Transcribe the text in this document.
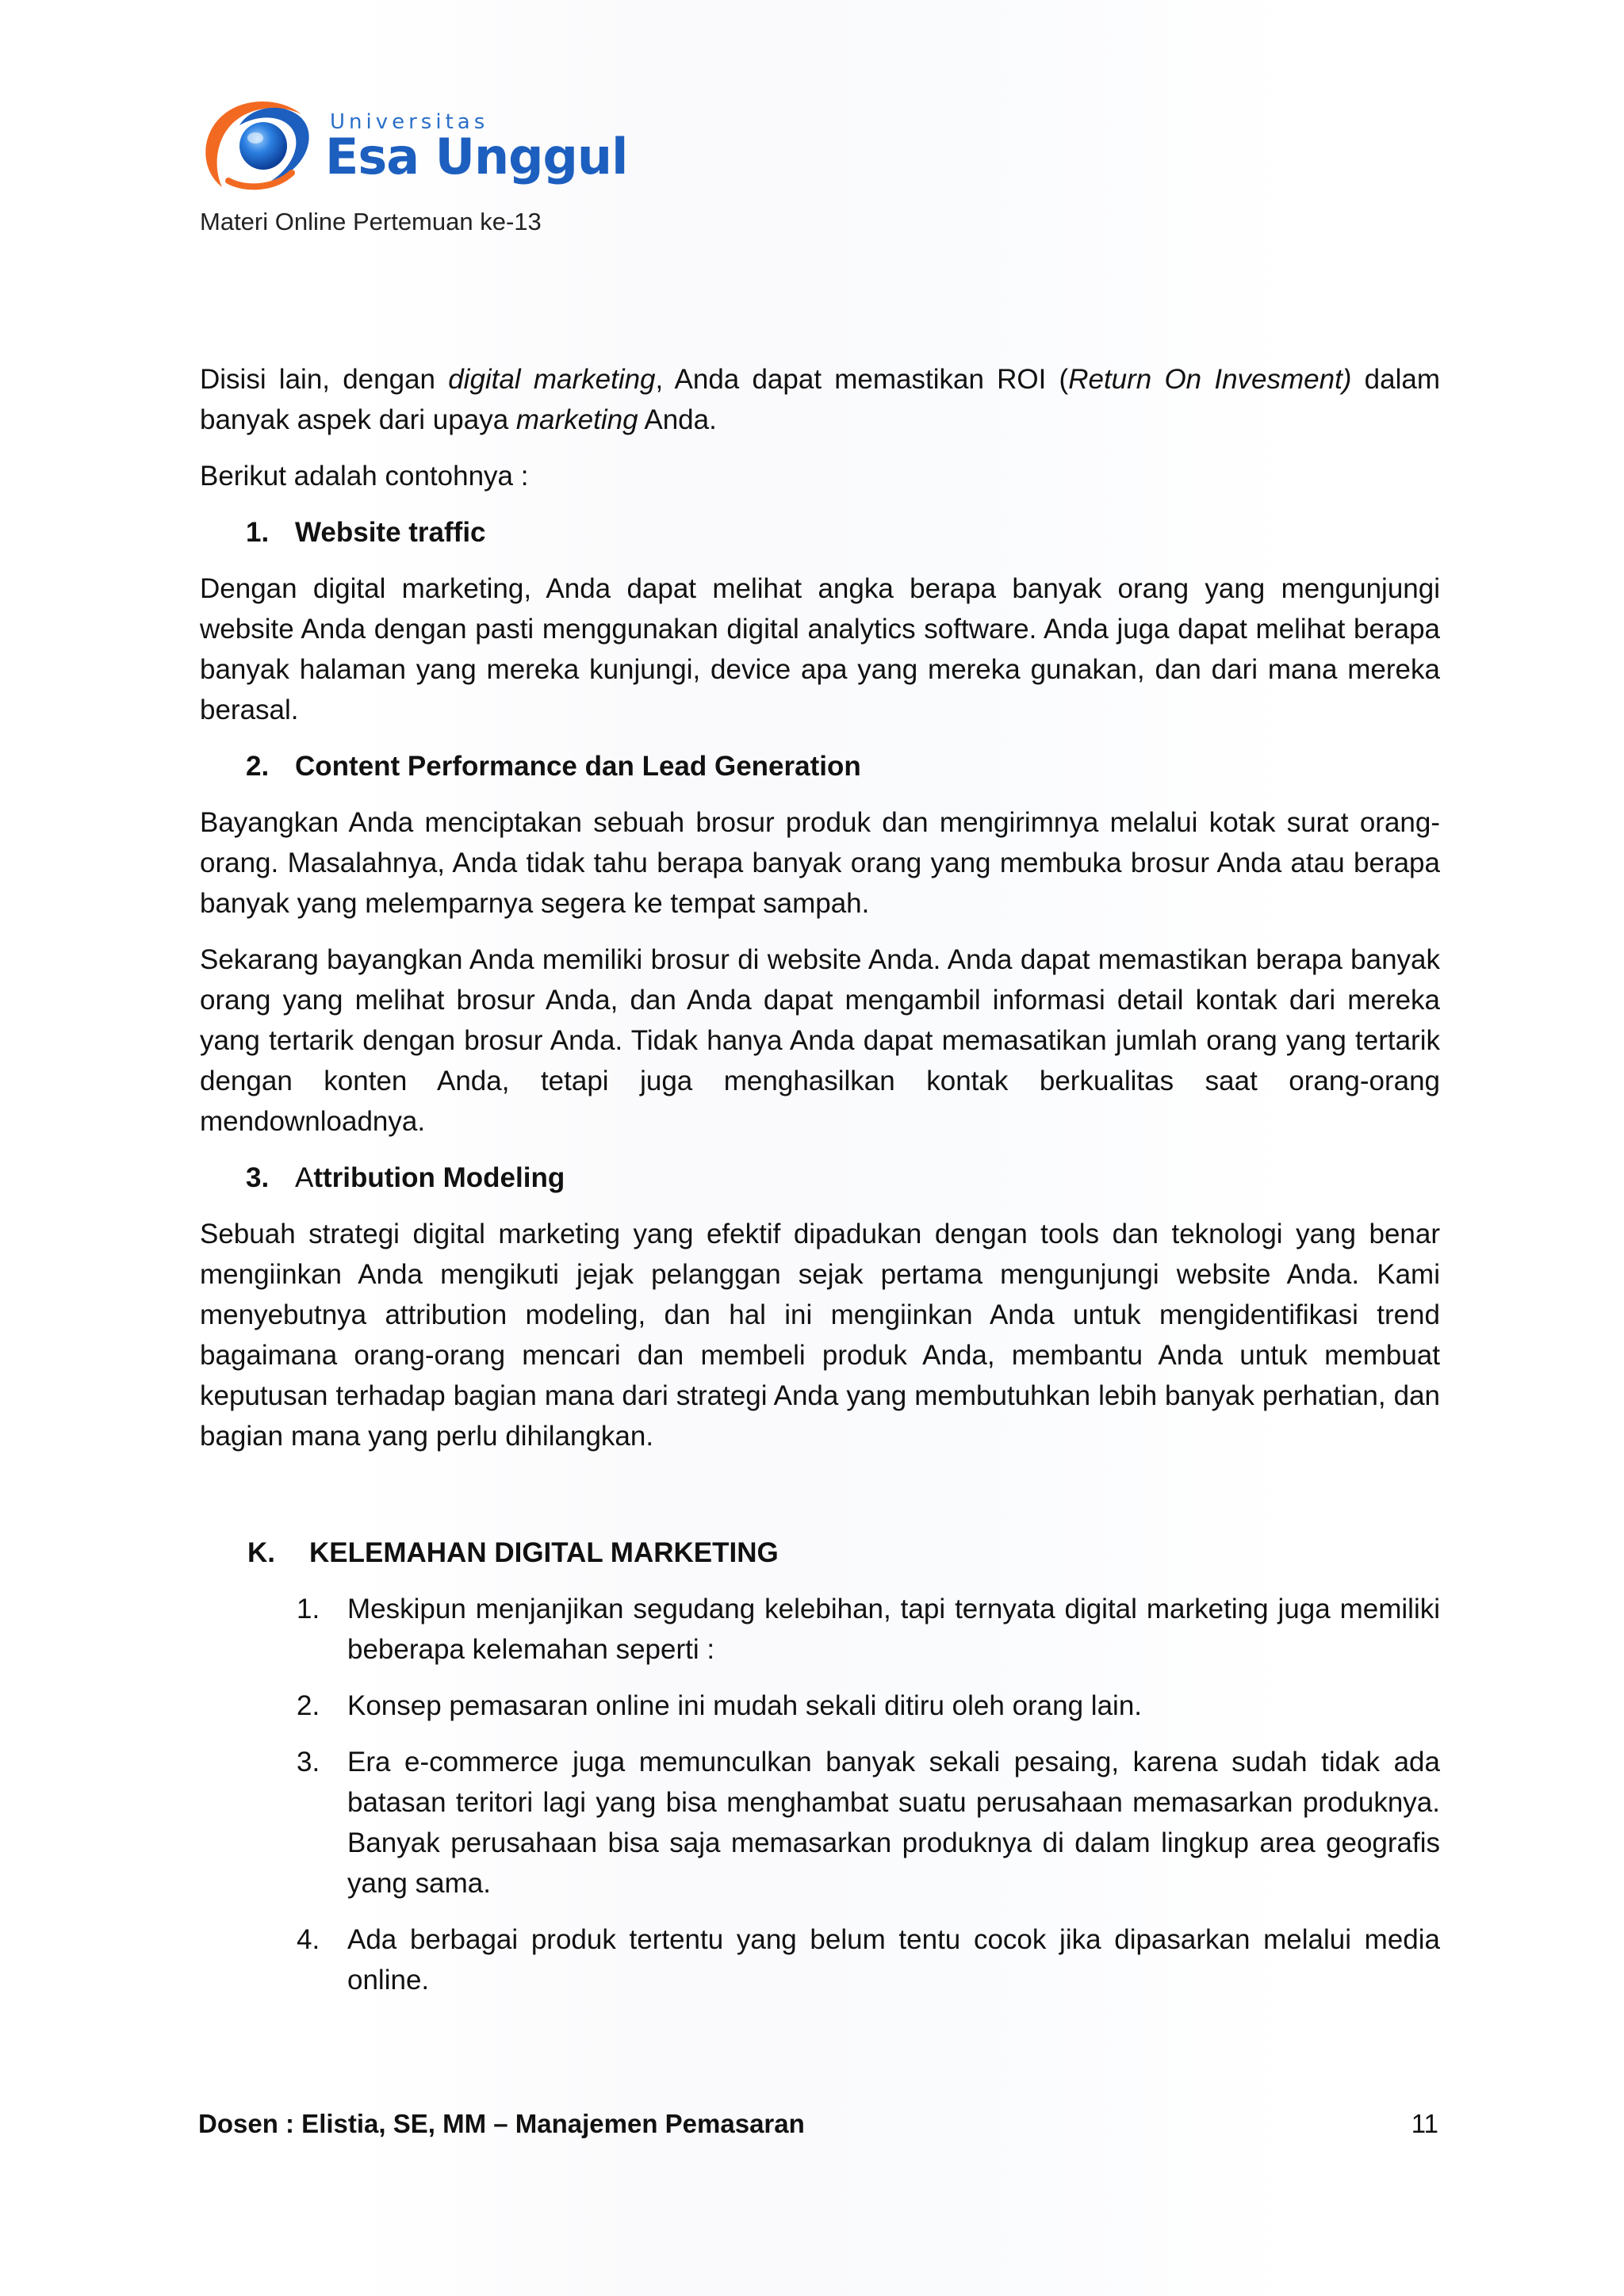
Universitas
Esa Unggul
Materi Online Pertemuan ke-13

Disisi lain, dengan digital marketing, Anda dapat memastikan ROI (Return On Invesment) dalam banyak aspek dari upaya marketing Anda.

Berikut adalah contohnya :

1. Website traffic

Dengan digital marketing, Anda dapat melihat angka berapa banyak orang yang mengunjungi website Anda dengan pasti menggunakan digital analytics software. Anda juga dapat melihat berapa banyak halaman yang mereka kunjungi, device apa yang mereka gunakan, dan dari mana mereka berasal.

2. Content Performance dan Lead Generation

Bayangkan Anda menciptakan sebuah brosur produk dan mengirimnya melalui kotak surat orang-orang. Masalahnya, Anda tidak tahu berapa banyak orang yang membuka brosur Anda atau berapa banyak yang melemparnya segera ke tempat sampah.

Sekarang bayangkan Anda memiliki brosur di website Anda. Anda dapat memastikan berapa banyak orang yang melihat brosur Anda, dan Anda dapat mengambil informasi detail kontak dari mereka yang tertarik dengan brosur Anda. Tidak hanya Anda dapat memasatikan jumlah orang yang tertarik dengan konten Anda, tetapi juga menghasilkan kontak berkualitas saat orang-orang mendownloadnya.

3. Attribution Modeling

Sebuah strategi digital marketing yang efektif dipadukan dengan tools dan teknologi yang benar mengiinkan Anda mengikuti jejak pelanggan sejak pertama mengunjungi website Anda. Kami menyebutnya attribution modeling, dan hal ini mengiinkan Anda untuk mengidentifikasi trend bagaimana orang-orang mencari dan membeli produk Anda, membantu Anda untuk membuat keputusan terhadap bagian mana dari strategi Anda yang membutuhkan lebih banyak perhatian, dan bagian mana yang perlu dihilangkan.

K.	KELEMAHAN DIGITAL MARKETING
1. Meskipun menjanjikan segudang kelebihan, tapi ternyata digital marketing juga memiliki beberapa kelemahan seperti :
2. Konsep pemasaran online ini mudah sekali ditiru oleh orang lain.
3. Era e-commerce juga memunculkan banyak sekali pesaing, karena sudah tidak ada batasan teritori lagi yang bisa menghambat suatu perusahaan memasarkan produknya. Banyak perusahaan bisa saja memasarkan produknya di dalam lingkup area geografis yang sama.
4. Ada berbagai produk tertentu yang belum tentu cocok jika dipasarkan melalui media online.
Dosen : Elistia, SE, MM – Manajemen Pemasaran	11
